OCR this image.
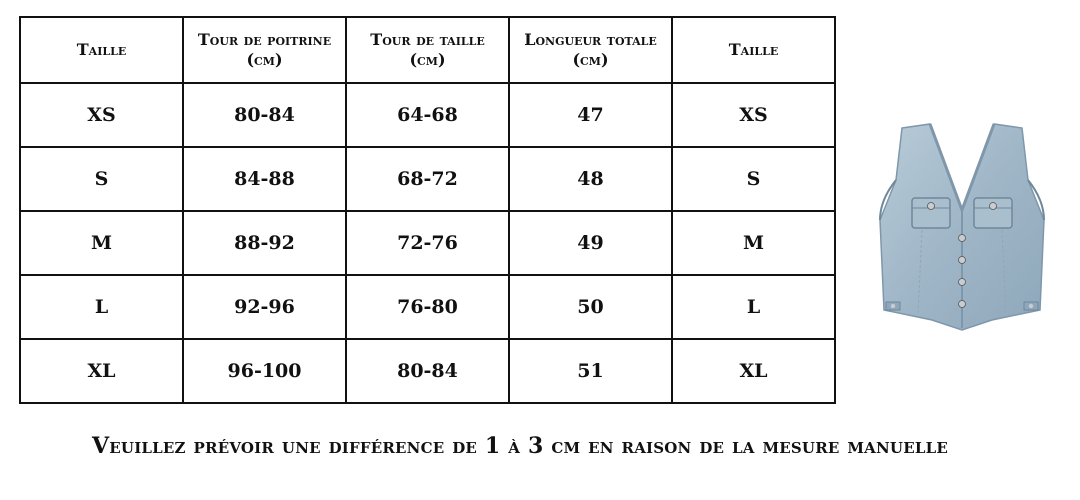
Taille	Tour de poitrine (cm)	Tour de taille (cm)	Longueur totale (cm)	Taille
XS	80-84	64-68	47	XS
S	84-88	68-72	48	S
M	88-92	72-76	49	M
L	92-96	76-80	50	L
XL	96-100	80-84	51	XL
Veuillez prévoir une différence de 1 à 3 cm en raison de la mesure manuelle
